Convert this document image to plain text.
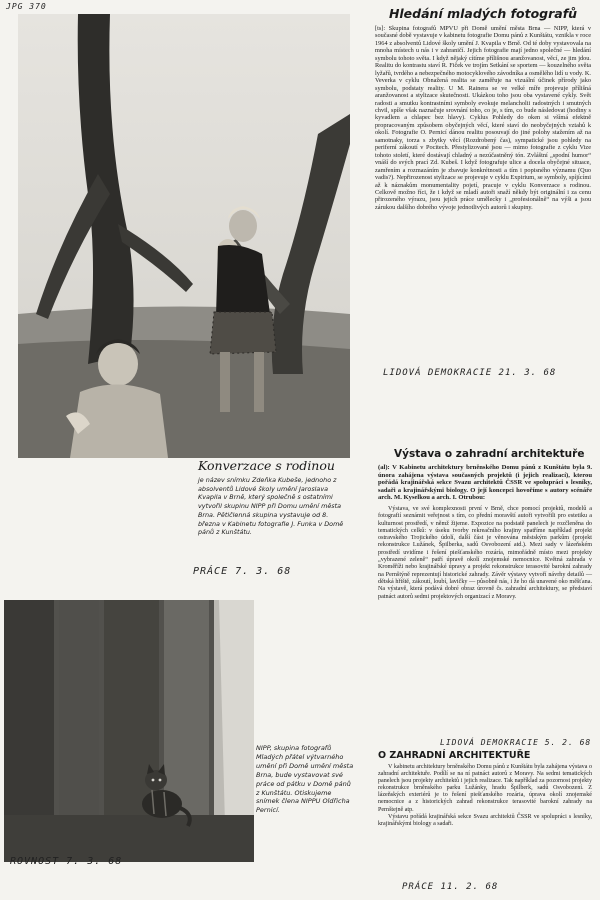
JPG 370
Konverzace s rodinou

je název snímku Zdeňka Kubeše, jednoho z absolventů Lidové školy umění Jaroslava Kvapila v Brně, který společně s ostatními vytvořil skupinu NIPP při Domu umění města Brna. Pětičlenná skupina vystavuje od 8. března v Kabinetu fotografie J. Funka v Domě pánů z Kunštátu.

PRÁCE 7. 3. 68

NIPP, skupina fotografů Mladých přátel výtvarného umění při Domě umění města Brna, bude vystavovat své práce od pátku v Domě pánů z Kunštátu. Otiskujeme snímek člena NIPPU Oldřicha Pernicí.

ROVNOST 7. 3. 68
Hledání mladých fotografů

[ts]: Skupina fotografů MPVU při Domě umění města Brna — NIPP, která v současné době vystavuje v kabinetu fotografie Domu pánů z Kunštátu, vznikla v roce 1964 z absolventů Lidové školy umění J. Kvapila v Brně. Od té doby vystavovala na mnoha místech u nás i v zahraničí. Jejich fotografie mají jedno společné — hledání symbolu tohoto světa. I když nějaký cítíme přílišnou aranžovanost, věcí, ze jim jdou. Realitu do kontrastu staví R. Fiček ve trojím Setkání se sportem — kouzelného světa lyžařů, tvrdého a nebezpečného motocyklového závodníka a osmělého lidí u vody. K. Veverka v cyklu Obnažená realita se zaměřuje na vizuální účinek přírody jako symbolu, podstaty reality. U M. Rainera se ve velké míře projevuje přílišná aranžovanost a stylizace skutečnosti. Ukázkou toho jsou oba vystavené cykly. Svět radosti a smutku kontrastními symboly evokuje melancholii radostných i smutných chvil, spíše však naznačuje srovnání toho, co je, s tím, co bude následovat (hodiny s kyvadlem a chlapec bez hlavy). Cyklus Pohledy do oken si všímá efektně propracovaným způsobem obyčejných věcí, které staví do neobyčejných vztahů k okolí. Fotografie O. Pernicí dánou realitu posouvají do jiné polohy stažením až na samotnaky, torza s zbytky věcí (Rozdrobený čas), sympatické jsou pohledy na periferní zákoutí v Pocitech. Přestylizované jsou — mimo fotografie z cyklu Vize tohoto století, které dostávají chladný a nezúčastněný tón. Zvláštní „spodní humor“ vnáší do svých prací Zd. Kubeš. I když fotografuje ulice a docela obyčejné situace, zamřením a rozmazáním je zbavuje konkrétnosti a tím i popisného významu (Quo vadis?). Nepřirozenost stylizace se projevuje v cyklu Expirium, se symboly, spíjícími až k náznakům monumentality pojetí, pracuje v cyklu Konverzace s rodinou. Celkově možno říci, že i když se mladí autoři snaží někdy být originální i za cenu přirozeného výrazu, jsou jejich práce umělecky i „profesionálně“ na výši a jsou zárukou dalšího dobrého vývoje jednotlivých autorů i skupiny.

LIDOVÁ DEMOKRACIE 21. 3. 68
Výstava o zahradní architektuře

(al): V Kabinetu architektury brněnského Domu pánů z Kunštátu byla 9. února zahájena výstava současných projektů (i jejich realizací), kterou pořádá krajinářská sekce Svazu architektů ČSSR ve spolupráci s lesníky, sadaři a krajinářskými biology. O její koncepci hovoříme s autory scénáře arch. M. Kyselkou a arch. I. Otrubou:

Výstava, ve své komplexnosti první v Brně, chce pomocí projektů, modelů a fotografií seznámit veřejnost s tím, co přední moravští autoři vytvořili pro estetiku a kulturnost prostředí, v němž žijeme. Expozice na podstatě panelech je rozčleněna do tematických celků: v úseku tvorby rekreačního krajiny spatříme například projekt ostravského Trojického údolí, další část je věnována městským parkům (projekt rekonstrukce Lužánek, Špilberka, sadů Osvobození atd.). Mezi sady v lázeňském prostředí uvidíme i řešení piešťanského rozáría, mimořádně místo mezi projekty „vybrazené zeleně“ patří úpravě okolí znojemské nemocnice. Květná zahrada v Kroměříži nebo krajinářské úpravy a projekt rekonstrukce terasovité barokní zahrady na Pernštýně reprezentují historické zahrady. Závěr výstavy vytvoří návrhy detailů — dětská hřiště, zákoutí, loubí, lavičky — působně nás, i že ho dá unavené oko měšťana. Na výstavě, která podává dobré obraz úrovně čs. zahradní architektury, se představí patnáct autorů sedmi projektových organizací z Moravy.

LIDOVÁ DEMOKRACIE 5. 2. 68
O ZAHRADNÍ ARCHITEKTUŘE

V kabinetu architektury brněnského Domu pánů z Kunštátu byla zahájena výstava o zahradní architektuře. Podílí se na ní patnáct autorů z Moravy. Na sedmi tematických panelech jsou projekty architektů i jejich realizace. Tak například za pozornost projekty rekonstrukce brněnského parku Lužánky, hradu Špilberk, sadů Osvobození. Z lázeňských exteriérů je to řešení piešťanského rozária, úprava okolí znojemské nemocnice a z historických zahrad rekonstrukce terasovité barokní zahrady na Pernštejně atp.

Výstavu pořádá krajinářská sekce Svazu architektů ČSSR ve spolupráci s lesníky, krajinářskými biology a sadaři.

PRÁCE 11. 2. 68
